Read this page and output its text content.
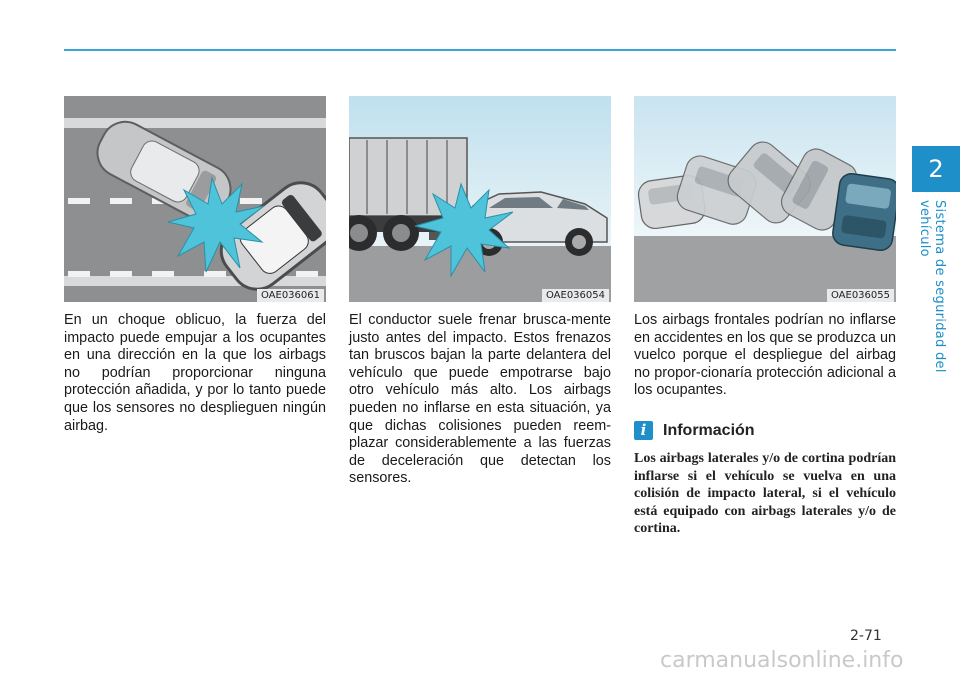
2
Sistema de seguridad del vehículo
OAE036061

En un choque oblicuo, la fuerza del impacto puede empujar a los ocupantes en una dirección en la que los airbags no podrían proporcionar ninguna protección añadida, y por lo tanto puede que los sensores no desplieguen ningún airbag.

OAE036054

El conductor suele frenar brusca-mente justo antes del impacto. Estos frenazos tan bruscos bajan la parte delantera del vehículo que puede empotrarse bajo otro vehículo más alto. Los airbags pueden no inflarse en esta situación, ya que dichas colisiones pueden reem-plazar considerablemente a las fuerzas de deceleración que detectan los sensores.

OAE036055

Los airbags frontales podrían no inflarse en accidentes en los que se produzca un vuelco porque el despliegue del airbag no propor-cionaría protección adicional a los ocupantes.

i	Información

Los airbags laterales y/o de cortina podrían inflarse si el vehículo se vuelva en una colisión de impacto lateral, si el vehículo está equipado con airbags laterales y/o de cortina.

2-71
carmanualsonline.info
